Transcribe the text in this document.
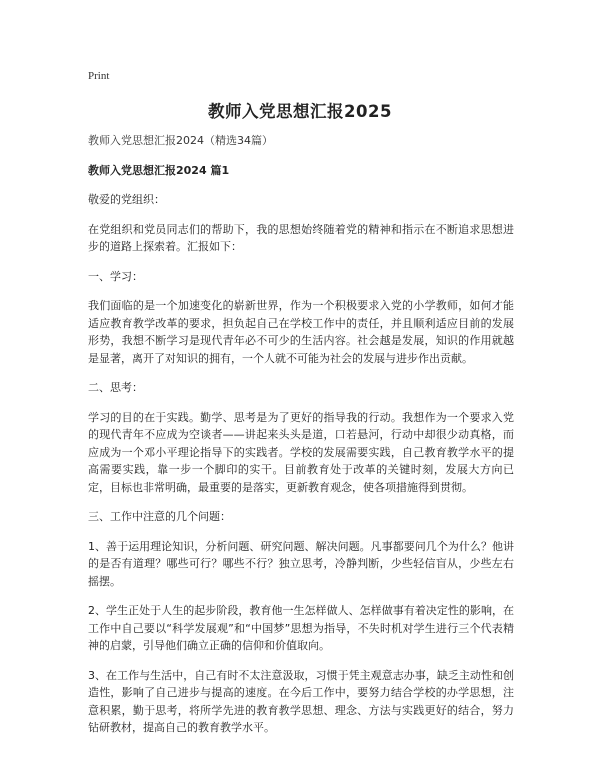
Print
教师入党思想汇报2025

教师入党思想汇报2024（精选34篇）

教师入党思想汇报2024 篇1

敬爱的党组织：

在党组织和党员同志们的帮助下，我的思想始终随着党的精神和指示在不断追求思想进步的道路上探索着。汇报如下：

一、学习：

我们面临的是一个加速变化的崭新世界，作为一个积极要求入党的小学教师，如何才能适应教育教学改革的要求，担负起自己在学校工作中的责任，并且顺利适应目前的发展形势，我想不断学习是现代青年必不可少的生活内容。社会越是发展，知识的作用就越是显著，离开了对知识的拥有，一个人就不可能为社会的发展与进步作出贡献。

二、思考：

学习的目的在于实践。勤学、思考是为了更好的指导我的行动。我想作为一个要求入党的现代青年不应成为空谈者——讲起来头头是道，口若悬河，行动中却很少动真格，而应成为一个邓小平理论指导下的实践者。学校的发展需要实践，自己教育教学水平的提高需要实践，靠一步一个脚印的实干。目前教育处于改革的关键时刻，发展大方向已定，目标也非常明确，最重要的是落实，更新教育观念，使各项措施得到贯彻。

三、工作中注意的几个问题：

1、善于运用理论知识，分析问题、研究问题、解决问题。凡事都要问几个为什么？他讲的是否有道理？哪些可行？哪些不行？独立思考，冷静判断，少些轻信盲从，少些左右摇摆。

2、学生正处于人生的起步阶段，教育他一生怎样做人、怎样做事有着决定性的影响，在工作中自己要以“科学发展观”和“中国梦”思想为指导，不失时机对学生进行三个代表精神的启蒙，引导他们确立正确的信仰和价值取向。

3、在工作与生活中，自己有时不太注意汲取，习惯于凭主观意志办事，缺乏主动性和创造性，影响了自己进步与提高的速度。在今后工作中，要努力结合学校的办学思想，注意积累，勤于思考，将所学先进的教育教学思想、理念、方法与实践更好的结合，努力钻研教材，提高自己的教育教学水平。
